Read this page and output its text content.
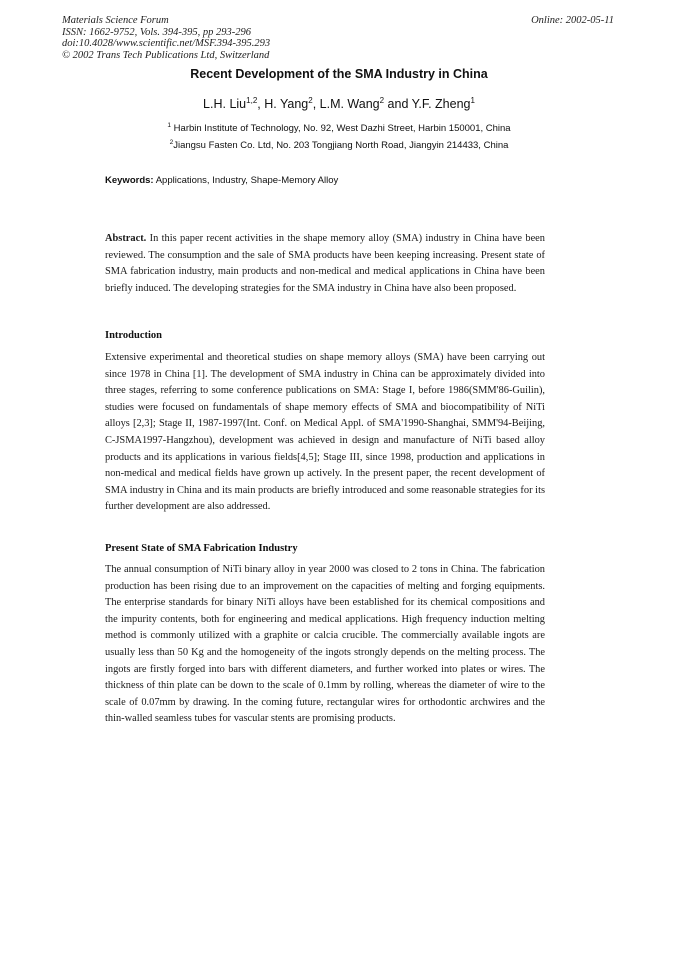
Materials Science Forum
ISSN: 1662-9752, Vols. 394-395, pp 293-296
doi:10.4028/www.scientific.net/MSF.394-395.293
© 2002 Trans Tech Publications Ltd, Switzerland
Online: 2002-05-11
Recent Development of the SMA Industry in China
L.H. Liu$^{1,2}$, H. Yang$^2$, L.M. Wang$^2$ and Y.F. Zheng$^1$
$^1$ Harbin Institute of Technology, No. 92, West Dazhi Street, Harbin 150001, China
$^2$Jiangsu Fasten Co. Ltd, No. 203 Tongjiang North Road, Jiangyin 214433, China
Keywords: Applications, Industry, Shape-Memory Alloy
Abstract. In this paper recent activities in the shape memory alloy (SMA) industry in China have been reviewed. The consumption and the sale of SMA products have been keeping increasing. Present state of SMA fabrication industry, main products and non-medical and medical applications in China have been briefly induced. The developing strategies for the SMA industry in China have also been proposed.
Introduction
Extensive experimental and theoretical studies on shape memory alloys (SMA) have been carrying out since 1978 in China [1]. The development of SMA industry in China can be approximately divided into three stages, referring to some conference publications on SMA: Stage I, before 1986(SMM'86-Guilin), studies were focused on fundamentals of shape memory effects of SMA and biocompatibility of NiTi alloys [2,3]; Stage II, 1987-1997(Int. Conf. on Medical Appl. of SMA'1990-Shanghai, SMM'94-Beijing, C-JSMA1997-Hangzhou), development was achieved in design and manufacture of NiTi based alloy products and its applications in various fields[4,5]; Stage III, since 1998, production and applications in non-medical and medical fields have grown up actively. In the present paper, the recent development of SMA industry in China and its main products are briefly introduced and some reasonable strategies for its further development are also addressed.
Present State of SMA Fabrication Industry
The annual consumption of NiTi binary alloy in year 2000 was closed to 2 tons in China. The fabrication production has been rising due to an improvement on the capacities of melting and forging equipments. The enterprise standards for binary NiTi alloys have been established for its chemical compositions and the impurity contents, both for engineering and medical applications. High frequency induction melting method is commonly utilized with a graphite or calcia crucible. The commercially available ingots are usually less than 50 Kg and the homogeneity of the ingots strongly depends on the melting process. The ingots are firstly forged into bars with different diameters, and further worked into plates or wires. The thickness of thin plate can be down to the scale of 0.1mm by rolling, whereas the diameter of wire to the scale of 0.07mm by drawing. In the coming future, rectangular wires for orthodontic archwires and the thin-walled seamless tubes for vascular stents are promising products.
